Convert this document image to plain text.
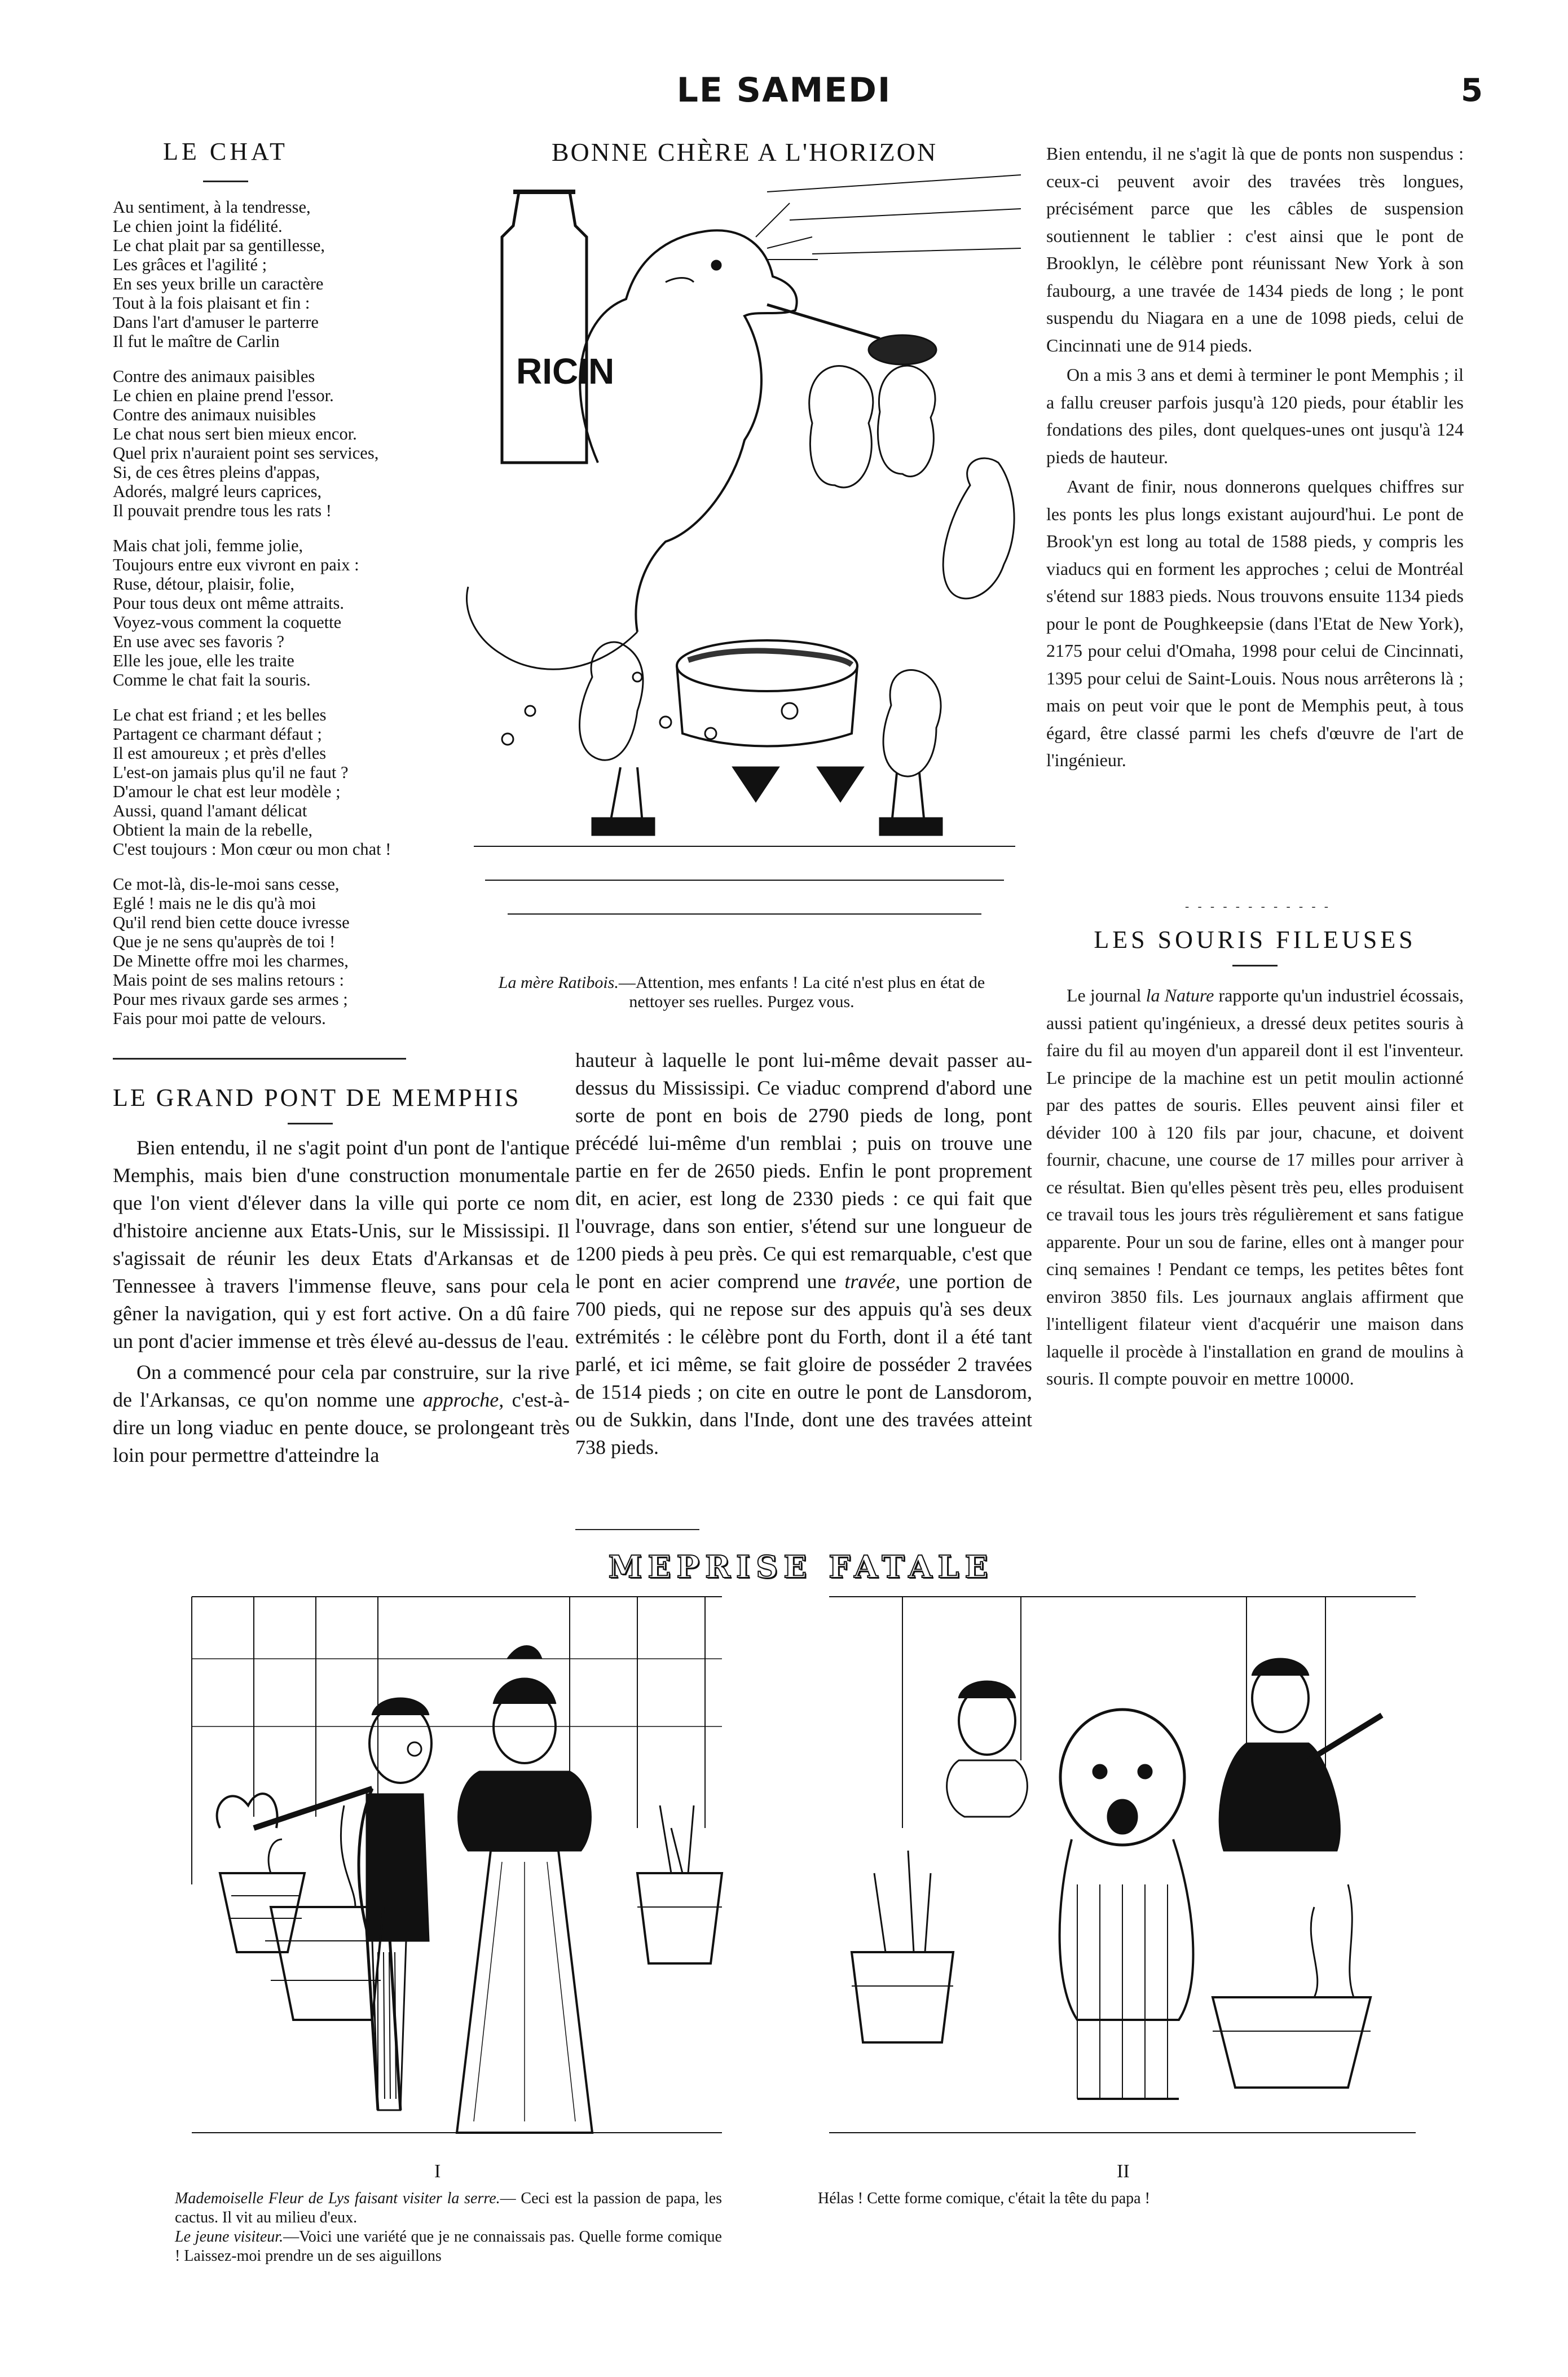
LE SAMEDI	5
LE CHAT

Au sentiment, à la tendresse,
Le chien joint la fidélité.
Le chat plait par sa gentillesse,
Les grâces et l'agilité ;
En ses yeux brille un caractère
Tout à la fois plaisant et fin :
Dans l'art d'amuser le parterre
Il fut le maître de Carlin

Contre des animaux paisibles
Le chien en plaine prend l'essor.
Contre des animaux nuisibles
Le chat nous sert bien mieux encor.
Quel prix n'auraient point ses services,
Si, de ces êtres pleins d'appas,
Adorés, malgré leurs caprices,
Il pouvait prendre tous les rats !

Mais chat joli, femme jolie,
Toujours entre eux vivront en paix :
Ruse, détour, plaisir, folie,
Pour tous deux ont même attraits.
Voyez-vous comment la coquette
En use avec ses favoris ?
Elle les joue, elle les traite
Comme le chat fait la souris.

Le chat est friand ; et les belles
Partagent ce charmant défaut ;
Il est amoureux ; et près d'elles
L'est-on jamais plus qu'il ne faut ?
D'amour le chat est leur modèle ;
Aussi, quand l'amant délicat
Obtient la main de la rebelle,
C'est toujours : Mon cœur ou mon chat !

Ce mot-là, dis-le-moi sans cesse,
Eglé ! mais ne le dis qu'à moi
Qu'il rend bien cette douce ivresse
Que je ne sens qu'auprès de toi !
De Minette offre moi les charmes,
Mais point de ses malins retours :
Pour mes rivaux garde ses armes ;
Fais pour moi patte de velours.

BONNE CHÈRE A L'HORIZON
RICIN
La mère Ratibois.—Attention, mes enfants ! La cité n'est plus en état de nettoyer ses ruelles. Purgez vous.
LE GRAND PONT DE MEMPHIS

Bien entendu, il ne s'agit point d'un pont de l'antique Memphis, mais bien d'une construction monumentale que l'on vient d'élever dans la ville qui porte ce nom d'histoire ancienne aux Etats-Unis, sur le Mississipi. Il s'agissait de réunir les deux Etats d'Arkansas et de Tennessee à travers l'immense fleuve, sans pour cela gêner la navigation, qui y est fort active. On a dû faire un pont d'acier immense et très élevé au-dessus de l'eau.

On a commencé pour cela par construire, sur la rive de l'Arkansas, ce qu'on nomme une approche, c'est-à-dire un long viaduc en pente douce, se prolongeant très loin pour permettre d'atteindre la

hauteur à laquelle le pont lui-même devait passer au-dessus du Mississipi. Ce viaduc comprend d'abord une sorte de pont en bois de 2790 pieds de long, pont précédé lui-même d'un remblai ; puis on trouve une partie en fer de 2650 pieds. Enfin le pont proprement dit, en acier, est long de 2330 pieds : ce qui fait que l'ouvrage, dans son entier, s'étend sur une longueur de 1200 pieds à peu près. Ce qui est remarquable, c'est que le pont en acier comprend une travée, une portion de 700 pieds, qui ne repose sur des appuis qu'à ses deux extrémités : le célèbre pont du Forth, dont il a été tant parlé, et ici même, se fait gloire de posséder 2 travées de 1514 pieds ; on cite en outre le pont de Lansdorom, ou de Sukkin, dans l'Inde, dont une des travées atteint 738 pieds.

Bien entendu, il ne s'agit là que de ponts non suspendus : ceux-ci peuvent avoir des travées très longues, précisément parce que les câbles de suspension soutiennent le tablier : c'est ainsi que le pont de Brooklyn, le célèbre pont réunissant New York à son faubourg, a une travée de 1434 pieds de long ; le pont suspendu du Niagara en a une de 1098 pieds, celui de Cincinnati une de 914 pieds.

On a mis 3 ans et demi à terminer le pont Memphis ; il a fallu creuser parfois jusqu'à 120 pieds, pour établir les fondations des piles, dont quelques-unes ont jusqu'à 124 pieds de hauteur.

Avant de finir, nous donnerons quelques chiffres sur les ponts les plus longs existant aujourd'hui. Le pont de Brook'yn est long au total de 1588 pieds, y compris les viaducs qui en forment les approches ; celui de Montréal s'étend sur 1883 pieds. Nous trouvons ensuite 1134 pieds pour le pont de Poughkeepsie (dans l'Etat de New York), 2175 pour celui d'Omaha, 1998 pour celui de Cincinnati, 1395 pour celui de Saint-Louis. Nous nous arrêterons là ; mais on peut voir que le pont de Memphis peut, à tous égard, être classé parmi les chefs d'œuvre de l'art de l'ingénieur.

- - - - - - - - - - - -
LES SOURIS FILEUSES

Le journal la Nature rapporte qu'un industriel écossais, aussi patient qu'ingénieux, a dressé deux petites souris à faire du fil au moyen d'un appareil dont il est l'inventeur. Le principe de la machine est un petit moulin actionné par des pattes de souris. Elles peuvent ainsi filer et dévider 100 à 120 fils par jour, chacune, et doivent fournir, chacune, une course de 17 milles pour arriver à ce résultat. Bien qu'elles pèsent très peu, elles produisent ce travail tous les jours très régulièrement et sans fatigue apparente. Pour un sou de farine, elles ont à manger pour cinq semaines ! Pendant ce temps, les petites bêtes font environ 3850 fils. Les journaux anglais affirment que l'intelligent filateur vient d'acquérir une maison dans laquelle il procède à l'installation en grand de moulins à souris. Il compte pouvoir en mettre 10000.

MEPRISE FATALE
I	II
Mademoiselle Fleur de Lys faisant visiter la serre.— Ceci est la passion de papa, les cactus. Il vit au milieu d'eux.
Le jeune visiteur.—Voici une variété que je ne connaissais pas. Quelle forme comique ! Laissez-moi prendre un de ses aiguillons
Hélas ! Cette forme comique, c'était la tête du papa !
